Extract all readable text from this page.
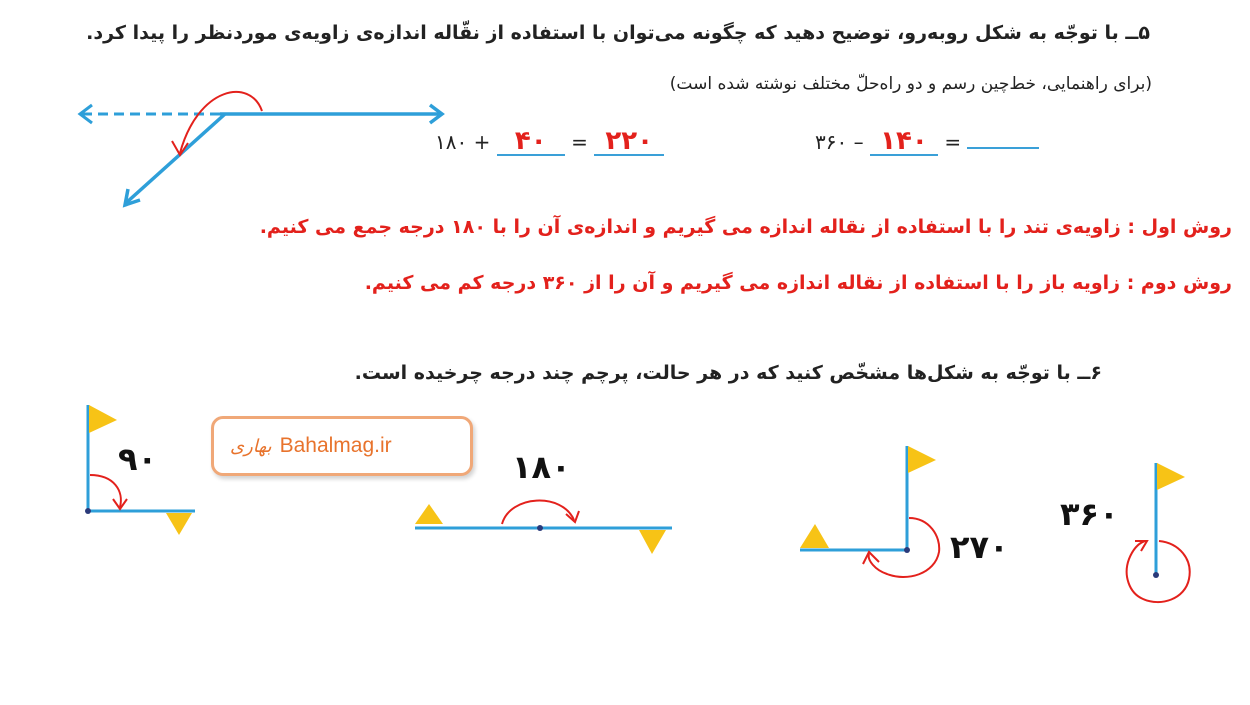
۵ــ با توجّه به شکل روبه‌رو، توضیح دهید که چگونه می‌توان با استفاده از نقّاله اندازه‌ی زاویه‌ی موردنظر را پیدا کرد.
(برای راهنمایی، خط‌چین رسم و دو راه‌حلّ مختلف نوشته شده است)
۱۸۰ + ۴۰ = ۲۲۰	۳۶۰ – ۱۴۰ =
روش اول : زاویه‌ی تند را با استفاده از نقاله اندازه می گیریم و اندازه‌ی آن را با ۱۸۰ درجه جمع می کنیم.
روش دوم : زاویه باز را با استفاده از نقاله اندازه می گیریم و آن را از ۳۶۰ درجه کم می کنیم.
۶ــ با توجّه به شکل‌ها مشخّص کنید که در هر حالت، پرچم چند درجه چرخیده است.
۹۰	بهاری Bahalmag.ir
۱۸۰
۲۷۰
۳۶۰
